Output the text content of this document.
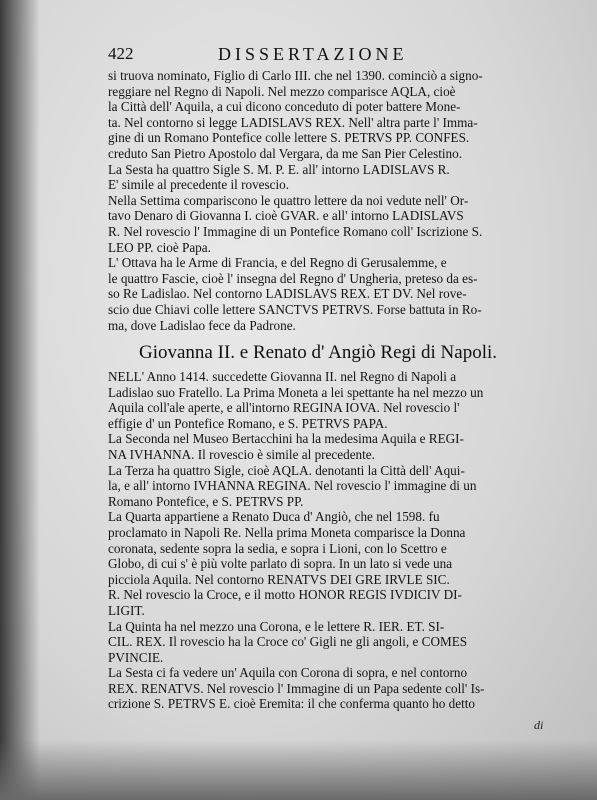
422	DISSERTAZIONE
si truova nominato, Figlio di Carlo III. che nel 1390. cominciò a signo-
reggiare nel Regno di Napoli. Nel mezzo comparisce AQLA, cioè
la Città dell' Aquila, a cui dicono conceduto di poter battere Mone-
ta. Nel contorno si legge LADISLAVS REX. Nell' altra parte l' Imma-
gine di un Romano Pontefice colle lettere S. PETRVS PP. CONFES.
creduto San Pietro Apostolo dal Vergara, da me San Pier Celestino.
La Sesta ha quattro Sigle S. M. P. E. all' intorno LADISLAVS R.
E' simile al precedente il rovescio.
Nella Settima compariscono le quattro lettere da noi vedute nell' Or-
tavo Denaro di Giovanna I. cioè GVAR. e all' intorno LADISLAVS
R. Nel rovescio l' Immagine di un Pontefice Romano coll' Iscrizione S.
LEO PP. cioè Papa.
L' Ottava ha le Arme di Francia, e del Regno di Gerusalemme, e
le quattro Fascie, cioè l' insegna del Regno d' Ungheria, preteso da es-
so Re Ladislao. Nel contorno LADISLAVS REX. ET DV. Nel rove-
scio due Chiavi colle lettere SANCTVS PETRVS. Forse battuta in Ro-
ma, dove Ladislao fece da Padrone.
Giovanna II. e Renato d' Angiò Regi di Napoli.
NELL' Anno 1414. succedette Giovanna II. nel Regno di Napoli a
Ladislao suo Fratello. La Prima Moneta a lei spettante ha nel mezzo un
Aquila coll'ale aperte, e all'intorno REGINA IOVA. Nel rovescio l'
effigie d' un Pontefice Romano, e S. PETRVS PAPA.
La Seconda nel Museo Bertacchini ha la medesima Aquila e REGI-
NA IVHANNA. Il rovescio è simile al precedente.
La Terza ha quattro Sigle, cioè AQLA. denotanti la Città dell' Aqui-
la, e all' intorno IVHANNA REGINA. Nel rovescio l' immagine di un
Romano Pontefice, e S. PETRVS PP.
La Quarta appartiene a Renato Duca d' Angiò, che nel 1598. fu
proclamato in Napoli Re. Nella prima Moneta comparisce la Donna
coronata, sedente sopra la sedia, e sopra i Lioni, con lo Scettro e
Globo, di cui s' è più volte parlato di sopra. In un lato si vede una
picciola Aquila. Nel contorno RENATVS DEI GRE IRVLE SIC.
R. Nel rovescio la Croce, e il motto HONOR REGIS IVDICIV DI-
LIGIT.
La Quinta ha nel mezzo una Corona, e le lettere R. IER. ET. SI-
CIL. REX. Il rovescio ha la Croce co' Gigli ne gli angoli, e COMES
PVINCIE.
La Sesta ci fa vedere un' Aquila con Corona di sopra, e nel contorno
REX. RENATVS. Nel rovescio l' Immagine di un Papa sedente coll' Is-
crizione S. PETRVS E. cioè Eremita: il che conferma quanto ho detto
di
